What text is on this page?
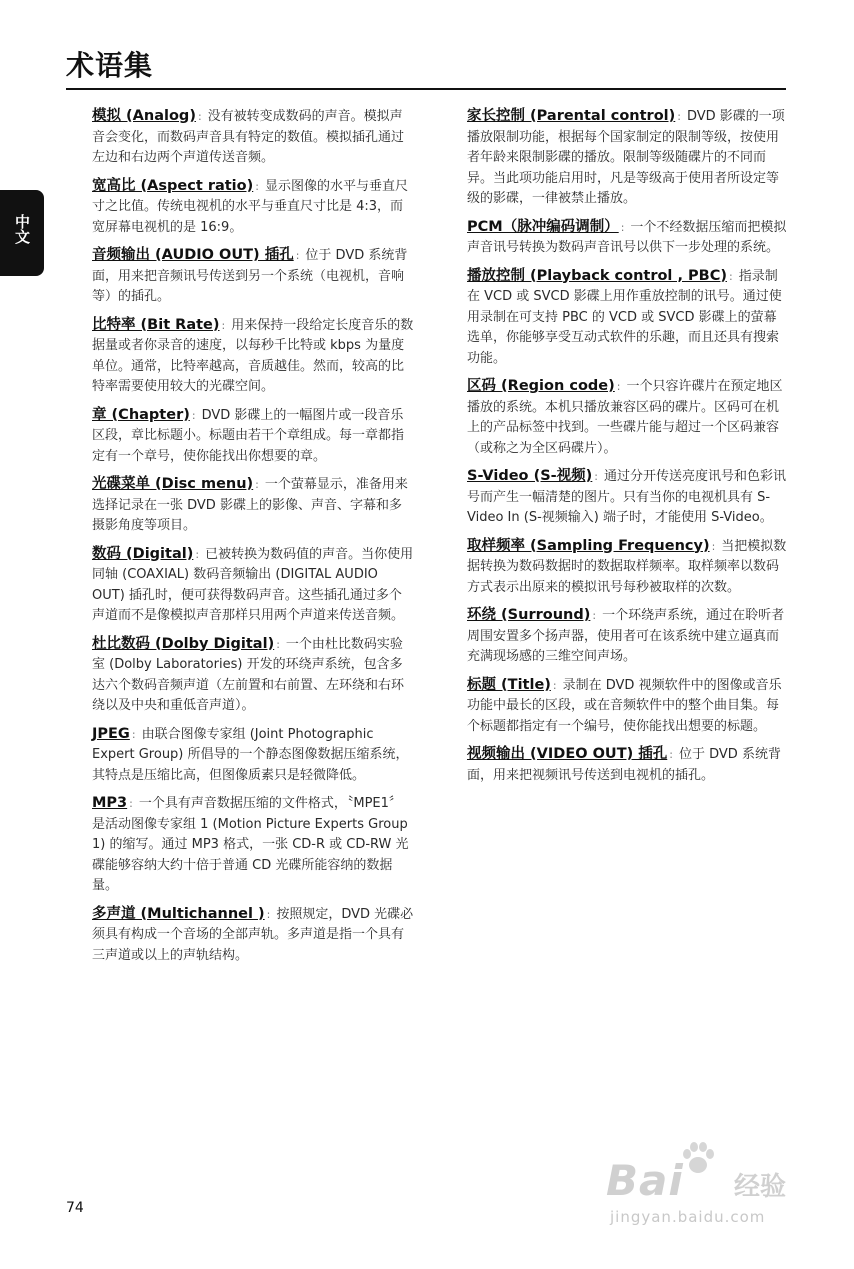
术语集
中文

模拟 (Analog) : 没有被转变成数码的声音。模拟声音会变化，而数码声音具有特定的数值。模拟插孔通过左边和右边两个声道传送音频。

宽高比 (Aspect ratio) : 显示图像的水平与垂直尺寸之比值。传统电视机的水平与垂直尺寸比是 4:3，而宽屏幕电视机的是 16:9。

音频输出 (AUDIO OUT) 插孔 : 位于 DVD 系统背面，用来把音频讯号传送到另一个系统（电视机，音响等）的插孔。

比特率 (Bit Rate) : 用来保持一段给定长度音乐的数据量或者你录音的速度，以每秒千比特或 kbps 为量度单位。通常，比特率越高，音质越佳。然而，较高的比特率需要使用较大的光碟空间。

章 (Chapter) : DVD 影碟上的一幅图片或一段音乐区段，章比标题小。标题由若干个章组成。每一章都指定有一个章号，使你能找出你想要的章。

光碟菜单 (Disc menu) : 一个萤幕显示，准备用来选择记录在一张 DVD 影碟上的影像、声音、字幕和多摄影角度等项目。

数码 (Digital) : 已被转换为数码值的声音。当你使用同轴 (COAXIAL) 数码音频输出 (DIGITAL AUDIO OUT) 插孔时，便可获得数码声音。这些插孔通过多个声道而不是像模拟声音那样只用两个声道来传送音频。

杜比数码 (Dolby Digital) : 一个由杜比数码实验室 (Dolby Laboratories) 开发的环绕声系统，包含多达六个数码音频声道（左前置和右前置、左环绕和右环绕以及中央和重低音声道）。

JPEG : 由联合图像专家组 (Joint Photographic Expert Group) 所倡导的一个静态图像数据压缩系统，其特点是压缩比高，但图像质素只是轻微降低。

MP3 : 一个具有声音数据压缩的文件格式，〝MPE1〞 是活动图像专家组 1 (Motion Picture Experts Group 1) 的缩写。通过 MP3 格式，一张 CD-R 或 CD-RW 光碟能够容纳大约十倍于普通 CD 光碟所能容纳的数据量。

多声道 (Multichannel ) : 按照规定，DVD 光碟必须具有构成一个音场的全部声轨。多声道是指一个具有三声道或以上的声轨结构。

家长控制 (Parental control) : DVD 影碟的一项播放限制功能，根据每个国家制定的限制等级，按使用者年龄来限制影碟的播放。限制等级随碟片的不同而异。当此项功能启用时，凡是等级高于使用者所设定等级的影碟，一律被禁止播放。

PCM（脉冲编码调制） : 一个不经数据压缩而把模拟声音讯号转换为数码声音讯号以供下一步处理的系统。

播放控制 (Playback control , PBC) : 指录制在 VCD 或 SVCD 影碟上用作重放控制的讯号。通过使用录制在可支持 PBC 的 VCD 或 SVCD 影碟上的萤幕选单，你能够享受互动式软件的乐趣，而且还具有搜索功能。

区码 (Region code) : 一个只容许碟片在预定地区播放的系统。本机只播放兼容区码的碟片。区码可在机上的产品标签中找到。一些碟片能与超过一个区码兼容（或称之为全区码碟片）。

S-Video (S-视频) : 通过分开传送亮度讯号和色彩讯号而产生一幅清楚的图片。只有当你的电视机具有 S-Video In (S-视频输入) 端子时，才能使用 S-Video。

取样频率 (Sampling Frequency) : 当把模拟数据转换为数码数据时的数据取样频率。取样频率以数码方式表示出原来的模拟讯号每秒被取样的次数。

环绕 (Surround) : 一个环绕声系统，通过在聆听者周围安置多个扬声器，使用者可在该系统中建立逼真而充满现场感的三维空间声场。

标题 (Title) : 录制在 DVD 视频软件中的图像或音乐功能中最长的区段，或在音频软件中的整个曲目集。每个标题都指定有一个编号，使你能找出想要的标题。

视频输出 (VIDEO OUT) 插孔 : 位于 DVD 系统背面，用来把视频讯号传送到电视机的插孔。

74
Bai 经验
jingyan.baidu.com
